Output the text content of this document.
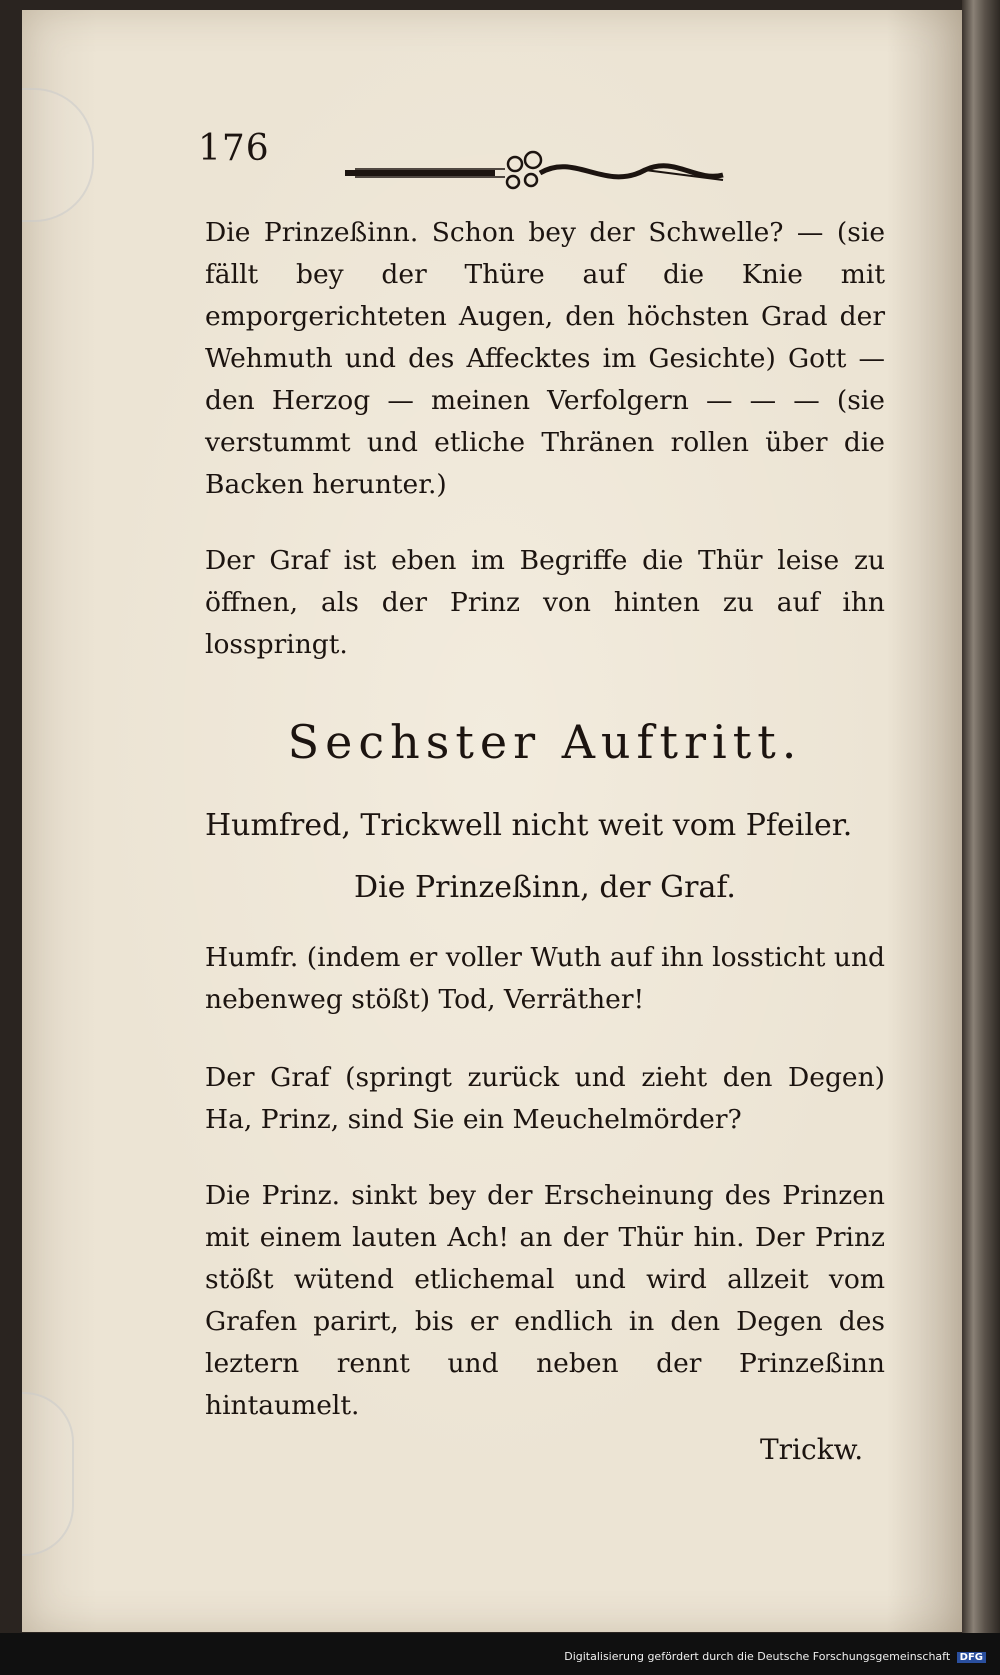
176

Die Prinzeßinn. Schon bey der Schwelle? — (sie fällt bey der Thüre auf die Knie mit emporgerichteten Augen, den höchsten Grad der Wehmuth und des Affecktes im Gesichte) Gott — den Herzog — meinen Verfolgern — — — (sie verstummt und etliche Thränen rollen über die Backen herunter.)

Der Graf ist eben im Begriffe die Thür leise zu öffnen, als der Prinz von hinten zu auf ihn losspringt.

Sechster Auftritt.
Humfred, Trickwell nicht weit vom Pfeiler.
Die Prinzeßinn, der Graf.

Humfr. (indem er voller Wuth auf ihn lossticht und nebenweg stößt) Tod, Verräther!

Der Graf (springt zurück und zieht den Degen) Ha, Prinz, sind Sie ein Meuchelmörder?

Die Prinz. sinkt bey der Erscheinung des Prinzen mit einem lauten Ach! an der Thür hin. Der Prinz stößt wütend etlichemal und wird allzeit vom Grafen parirt, bis er endlich in den Degen des leztern rennt und neben der Prinzeßinn hintaumelt.

Trickw.
Digitalisierung gefördert durch die Deutsche Forschungsgemeinschaft DFG
